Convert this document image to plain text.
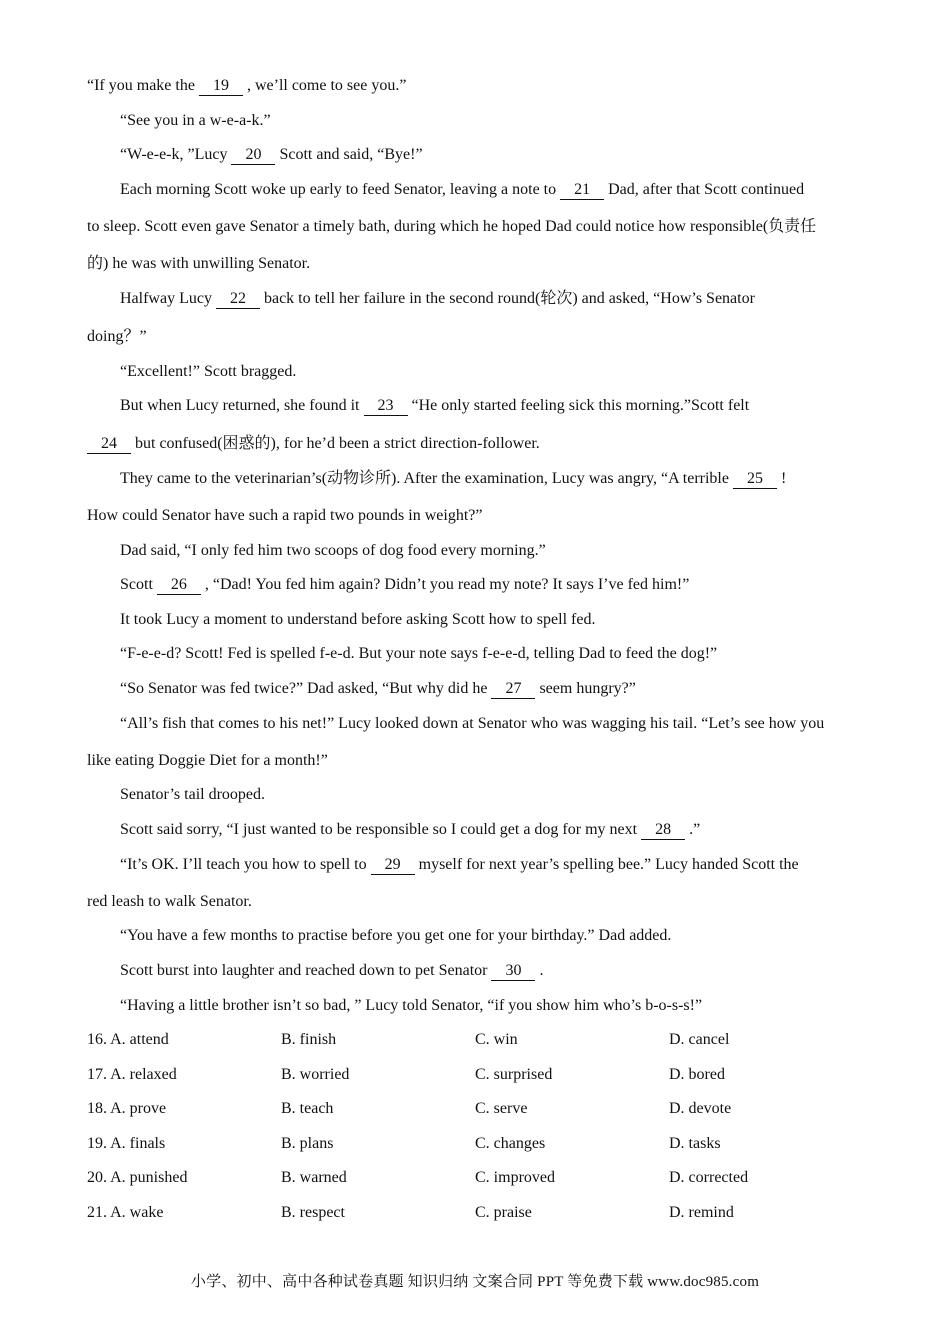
“If you make the 19 , we’ll come to see you.”
“See you in a w-e-a-k.”
“W-e-e-k, ”Lucy 20 Scott and said, “Bye!”
Each morning Scott woke up early to feed Senator, leaving a note to 21 Dad, after that Scott continued
to sleep. Scott even gave Senator a timely bath, during which he hoped Dad could notice how responsible(负责任
的) he was with unwilling Senator.
Halfway Lucy 22 back to tell her failure in the second round(轮次) and asked, “How’s Senator
doing？”
“Excellent!” Scott bragged.
But when Lucy returned, she found it 23 “He only started feeling sick this morning.”Scott felt
24 but confused(困惑的), for he’d been a strict direction-follower.
They came to the veterinarian’s(动物诊所). After the examination, Lucy was angry, “A terrible 25 !
How could Senator have such a rapid two pounds in weight?”
Dad said, “I only fed him two scoops of dog food every morning.”
Scott 26 , “Dad! You fed him again? Didn’t you read my note? It says I’ve fed him!”
It took Lucy a moment to understand before asking Scott how to spell fed.
“F-e-e-d? Scott! Fed is spelled f-e-d. But your note says f-e-e-d, telling Dad to feed the dog!”
“So Senator was fed twice?” Dad asked, “But why did he 27 seem hungry?”
“All’s fish that comes to his net!” Lucy looked down at Senator who was wagging his tail. “Let’s see how you
like eating Doggie Diet for a month!”
Senator’s tail drooped.
Scott said sorry, “I just wanted to be responsible so I could get a dog for my next 28 .”
“It’s OK. I’ll teach you how to spell to 29 myself for next year’s spelling bee.” Lucy handed Scott the
red leash to walk Senator.
“You have a few months to practise before you get one for your birthday.” Dad added.
Scott burst into laughter and reached down to pet Senator 30 .
“Having a little brother isn’t so bad, ” Lucy told Senator, “if you show him who’s b-o-s-s!”
16. A. attend	B. finish	C. win	D. cancel
17. A. relaxed	B. worried	C. surprised	D. bored
18. A. prove	B. teach	C. serve	D. devote
19. A. finals	B. plans	C. changes	D. tasks
20. A. punished	B. warned	C. improved	D. corrected
21. A. wake	B. respect	C. praise	D. remind
小学、初中、高中各种试卷真题 知识归纳 文案合同 PPT 等免费下载 www.doc985.com
